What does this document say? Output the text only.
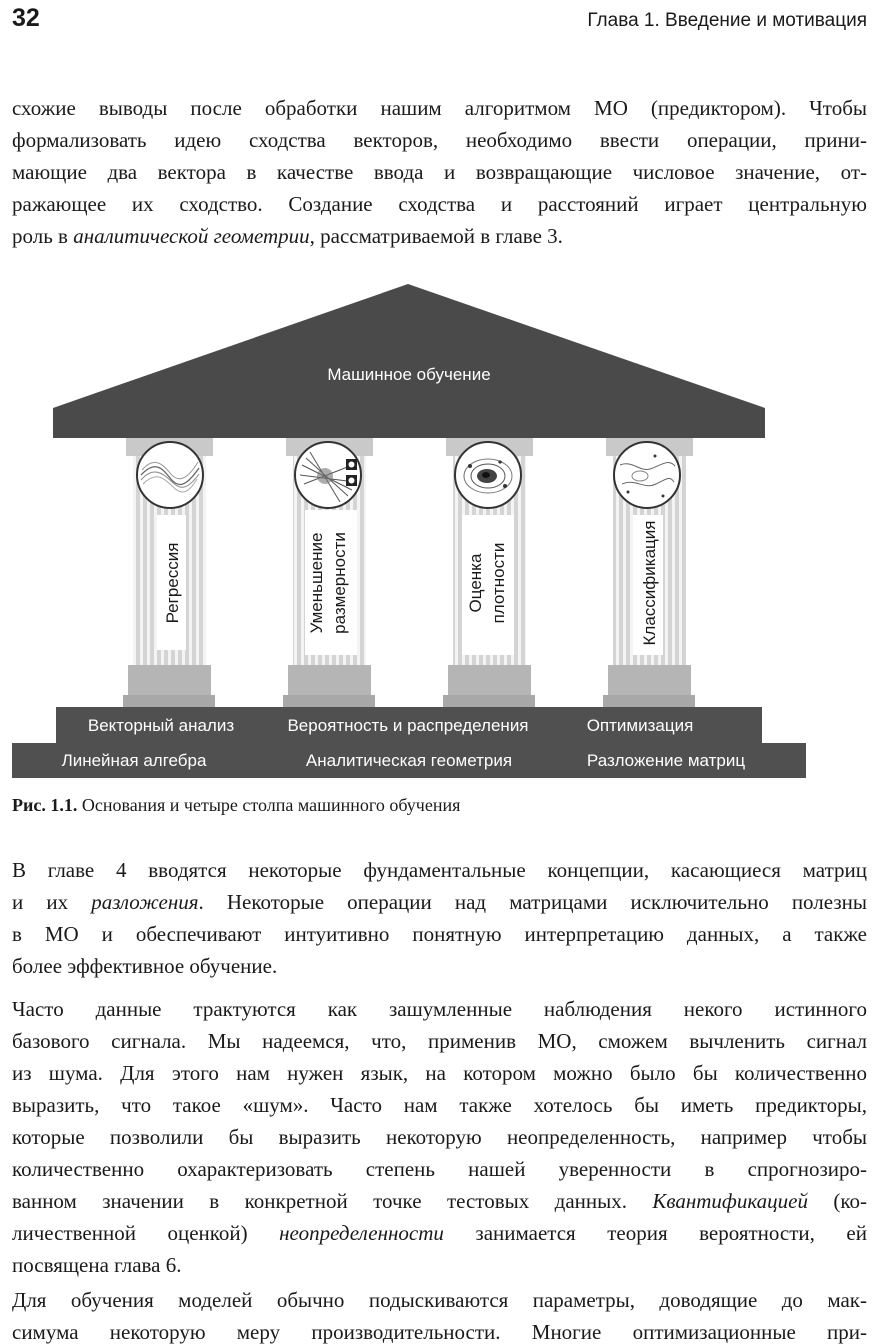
32	Глава 1. Введение и мотивация
схожие выводы после обработки нашим алгоритмом МО (предиктором). Чтобы
формализовать идею сходства векторов, необходимо ввести операции, прини-
мающие два вектора в качестве ввода и возвращающие числовое значение, от-
ражающее их сходство. Создание сходства и расстояний играет центральную
роль в аналитической геометрии, рассматриваемой в главе 3.
Машинное обучение
Регрессия	Уменьшение размерности	Оценка плотности	Классификация
Векторный анализ	Вероятность и распределения	Оптимизация
Линейная алгебра	Аналитическая геометрия	Разложение матриц
Рис. 1.1. Основания и четыре столпа машинного обучения
В главе 4 вводятся некоторые фундаментальные концепции, касающиеся матриц
и их разложения. Некоторые операции над матрицами исключительно полезны
в МО и обеспечивают интуитивно понятную интерпретацию данных, а также
более эффективное обучение.
Часто данные трактуются как зашумленные наблюдения некого истинного
базового сигнала. Мы надеемся, что, применив МО, сможем вычленить сигнал
из шума. Для этого нам нужен язык, на котором можно было бы количественно
выразить, что такое «шум». Часто нам также хотелось бы иметь предикторы,
которые позволили бы выразить некоторую неопределенность, например чтобы
количественно охарактеризовать степень нашей уверенности в спрогнозиро-
ванном значении в конкретной точке тестовых данных. Квантификацией (ко-
личественной оценкой) неопределенности занимается теория вероятности, ей
посвящена глава 6.
Для обучения моделей обычно подыскиваются параметры, доводящие до мак-
симума некоторую меру производительности. Многие оптимизационные при-
